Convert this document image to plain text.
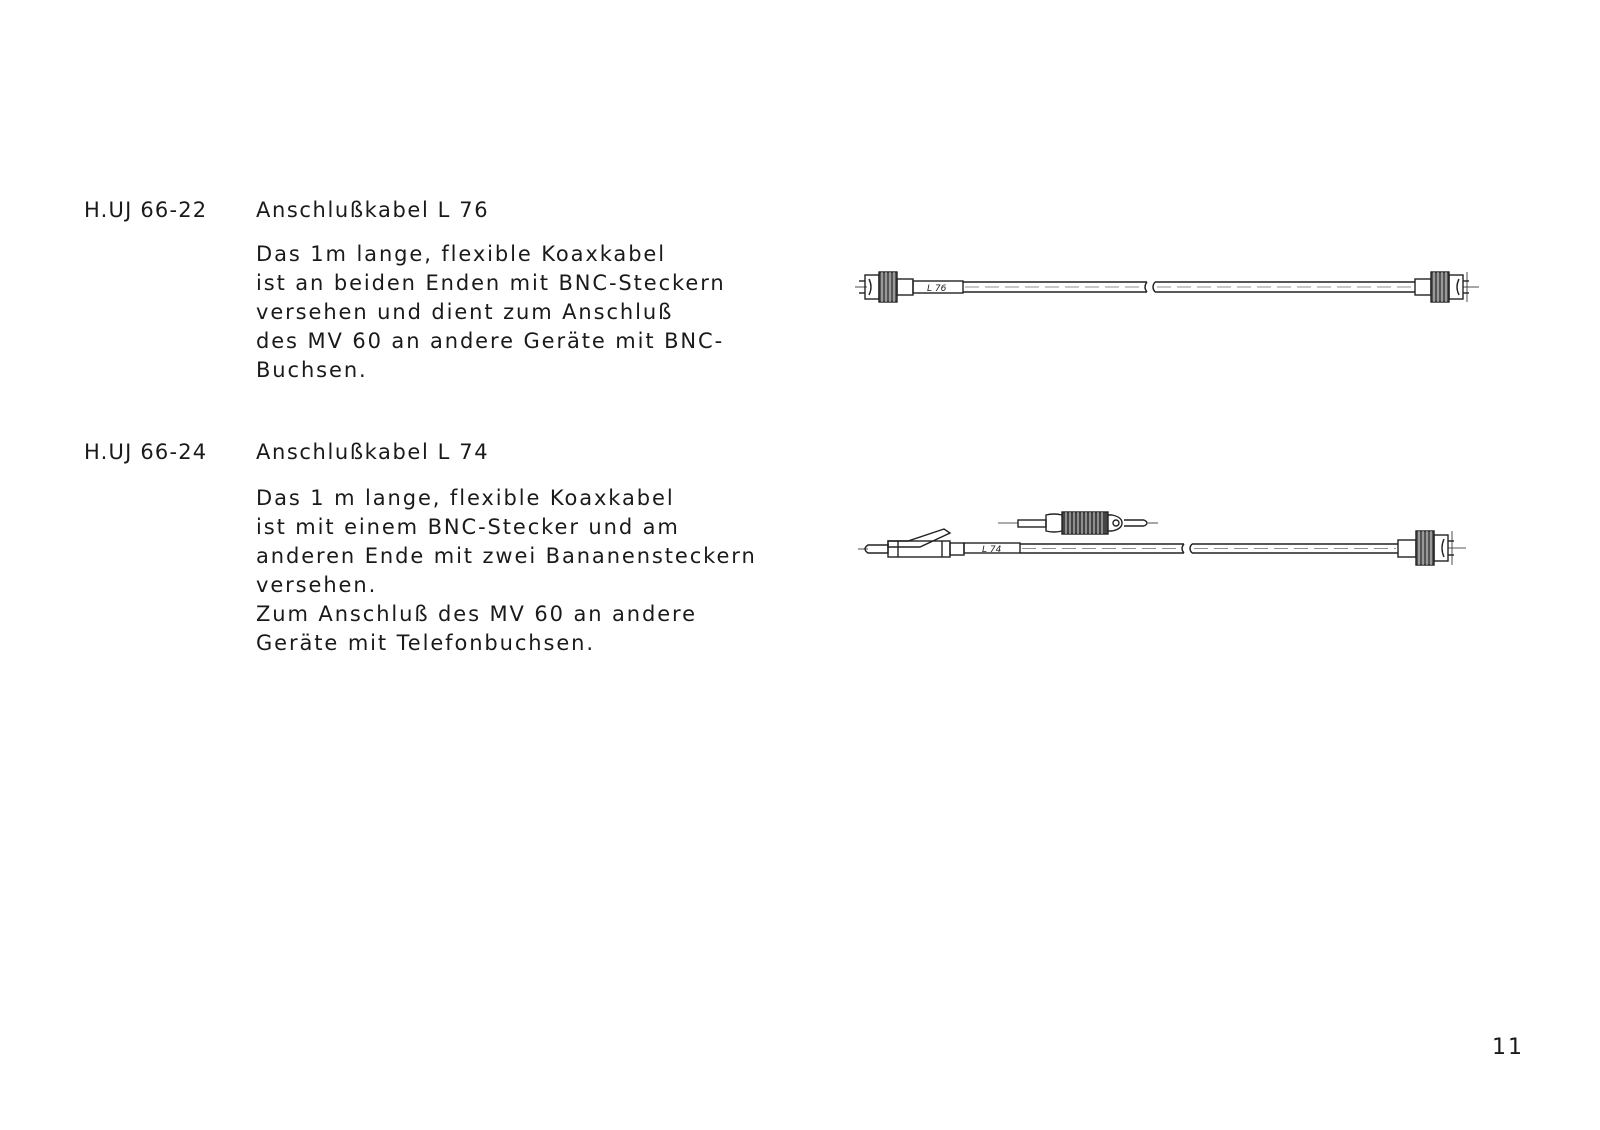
H.UJ 66-22 Anschlußkabel L 76
Das 1m lange, flexible Koaxkabel
ist an beiden Enden mit BNC-Steckern
versehen und dient zum Anschluß
des MV 60 an andere Geräte mit BNC-
Buchsen.
L 76
H.UJ 66-24 Anschlußkabel L 74
Das 1 m lange, flexible Koaxkabel
ist mit einem BNC-Stecker und am
anderen Ende mit zwei Bananensteckern
versehen.
Zum Anschluß des MV 60 an andere
Geräte mit Telefonbuchsen.
L 74
11
